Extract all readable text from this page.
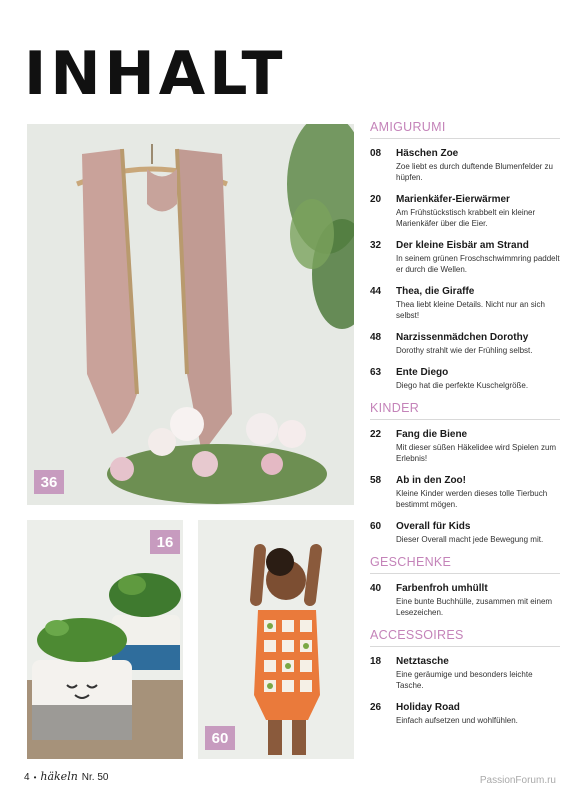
INHALT
36
16
60
AMIGURUMI
08	Häschen Zoe
Zoe liebt es durch duftende Blumenfelder zu hüpfen.
20	Marienkäfer-Eierwärmer
Am Frühstückstisch krabbelt ein kleiner Marienkäfer über die Eier.
32	Der kleine Eisbär am Strand
In seinem grünen Froschschwimmring paddelt er durch die Wellen.
44	Thea, die Giraffe
Thea liebt kleine Details. Nicht nur an sich selbst!
48	Narzissenmädchen Dorothy
Dorothy strahlt wie der Frühling selbst.
63	Ente Diego
Diego hat die perfekte Kuschelgröße.
KINDER
22	Fang die Biene
Mit dieser süßen Häkelidee wird Spielen zum Erlebnis!
58	Ab in den Zoo!
Kleine Kinder werden dieses tolle Tierbuch bestimmt mögen.
60	Overall für Kids
Dieser Overall macht jede Bewegung mit.
GESCHENKE
40	Farbenfroh umhüllt
Eine bunte Buchhülle, zusammen mit einem Lesezeichen.
ACCESSOIRES
18	Netztasche
Eine geräumige und besonders leichte Tasche.
26	Holiday Road
Einfach aufsetzen und wohlfühlen.
4 • häkeln Nr. 50	PassionForum.ru
